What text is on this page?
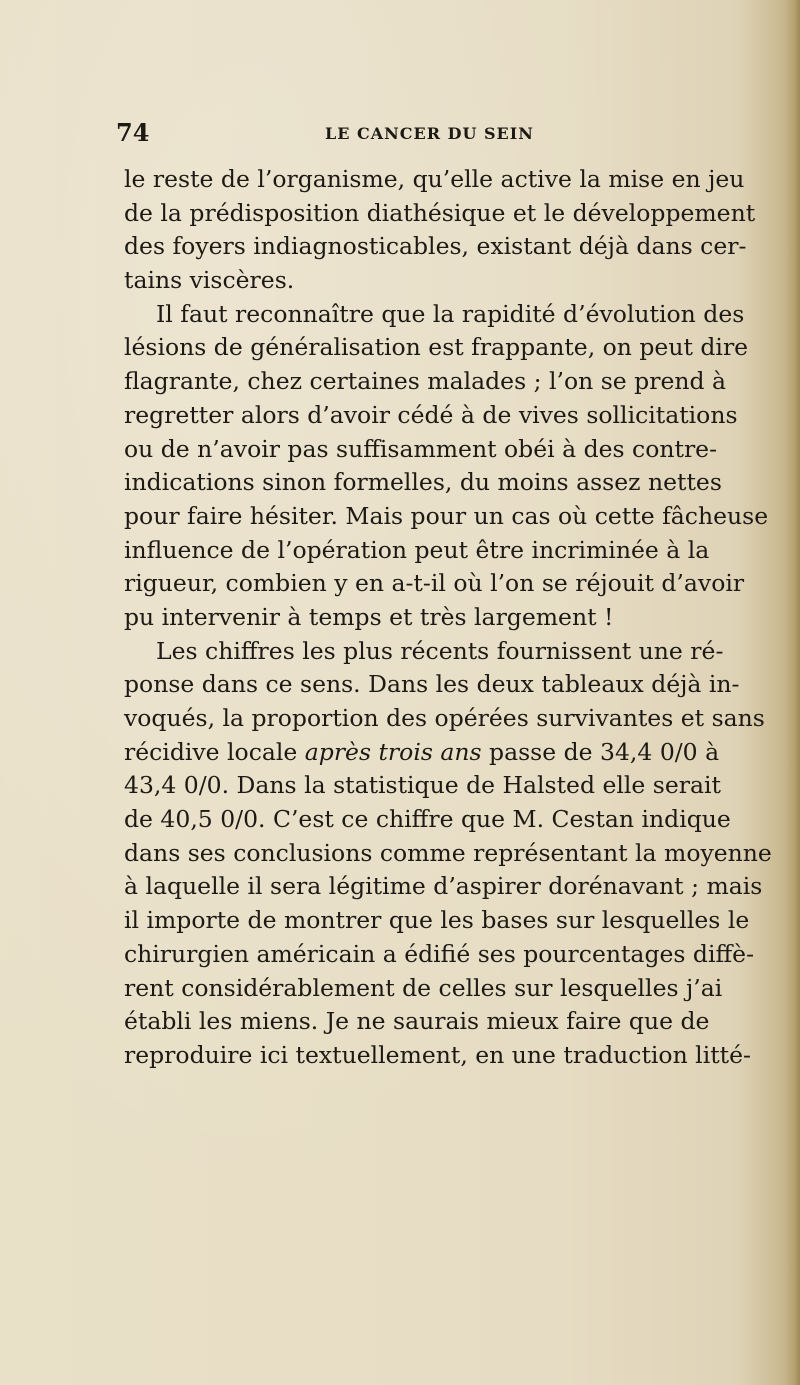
74	LE CANCER DU SEIN
le reste de l’organisme, qu’elle active la mise en jeu
de la prédisposition diathésique et le développement
des foyers indiagnosticables, existant déjà dans cer-
tains viscères.
Il faut reconnaître que la rapidité d’évolution des
lésions de généralisation est frappante, on peut dire
flagrante, chez certaines malades ; l’on se prend à
regretter alors d’avoir cédé à de vives sollicitations
ou de n’avoir pas suffisamment obéi à des contre-
indications sinon formelles, du moins assez nettes
pour faire hésiter. Mais pour un cas où cette fâcheuse
influence de l’opération peut être incriminée à la
rigueur, combien y en a-t-il où l’on se réjouit d’avoir
pu intervenir à temps et très largement !
Les chiffres les plus récents fournissent une ré-
ponse dans ce sens. Dans les deux tableaux déjà in-
voqués, la proportion des opérées survivantes et sans
récidive locale après trois ans passe de 34,4 0/0 à
43,4 0/0. Dans la statistique de Halsted elle serait
de 40,5 0/0. C’est ce chiffre que M. Cestan indique
dans ses conclusions comme représentant la moyenne
à laquelle il sera légitime d’aspirer dorénavant ; mais
il importe de montrer que les bases sur lesquelles le
chirurgien américain a édifié ses pourcentages diffè-
rent considérablement de celles sur lesquelles j’ai
établi les miens. Je ne saurais mieux faire que de
reproduire ici textuellement, en une traduction litté-
